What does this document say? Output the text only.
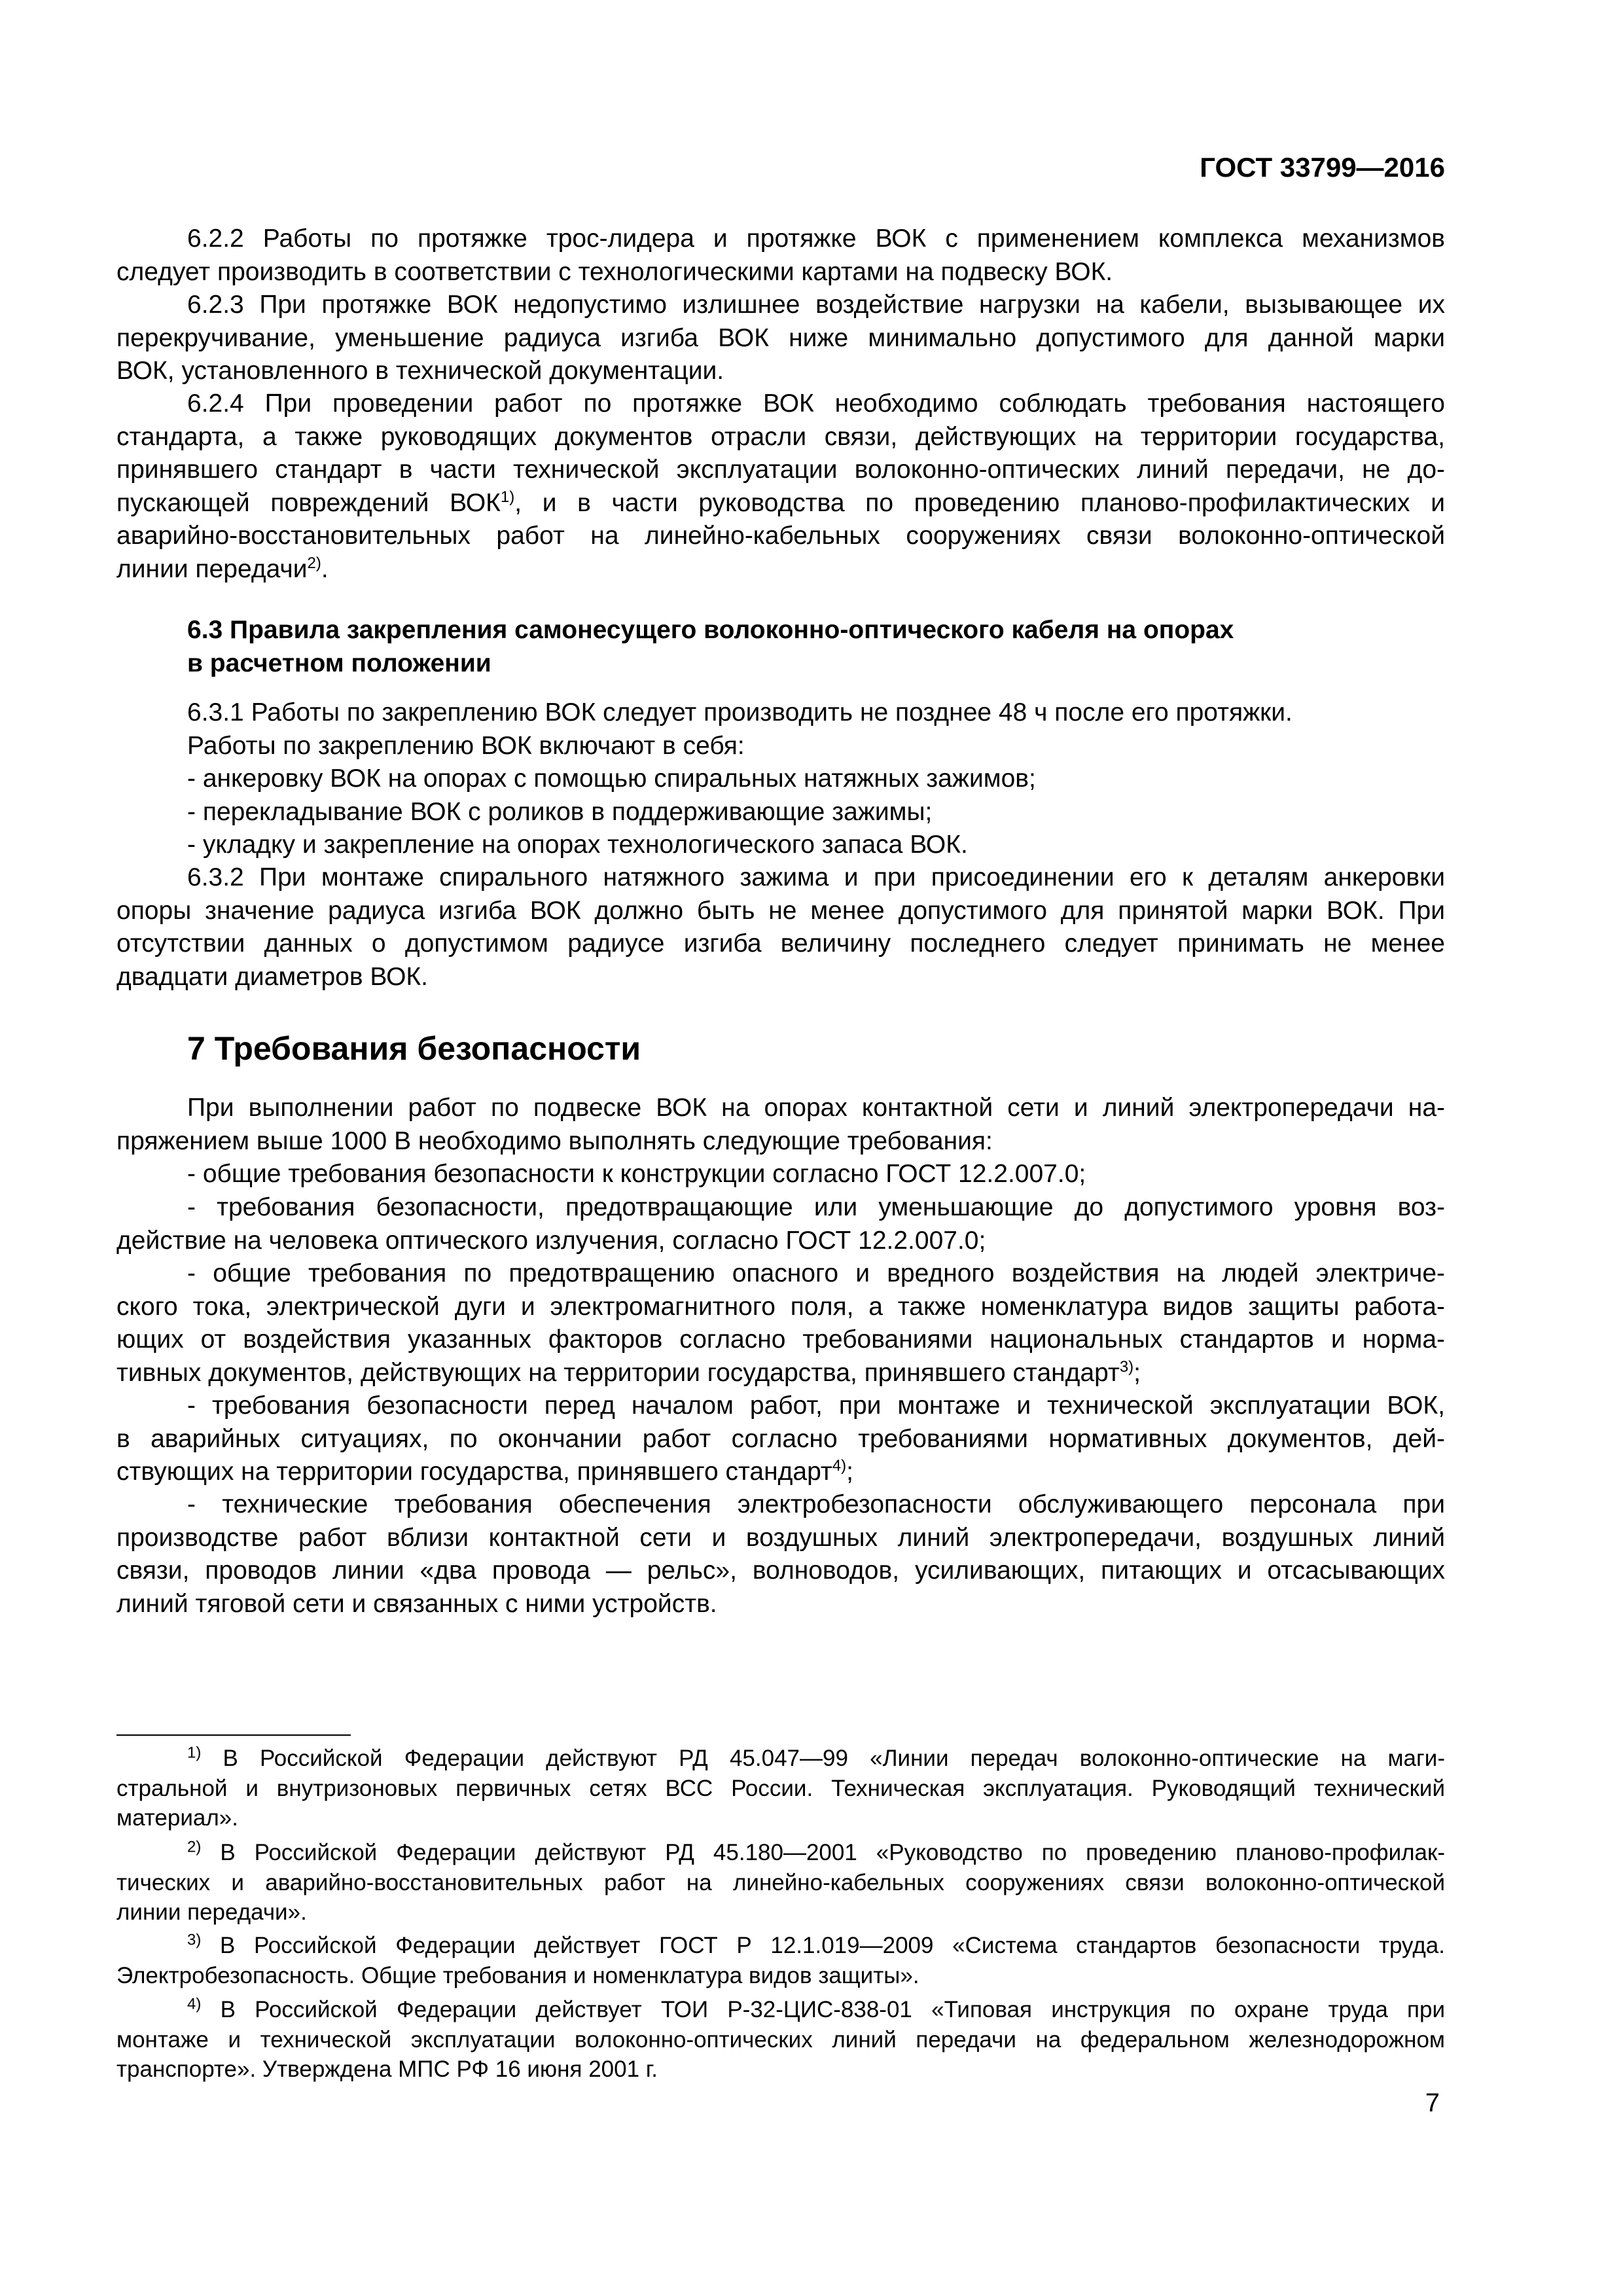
ГОСТ 33799—2016
6.2.2 Работы по протяжке трос-лидера и протяжке ВОК с применением комплекса механизмов
следует производить в соответствии с технологическими картами на подвеску ВОК.
6.2.3 При протяжке ВОК недопустимо излишнее воздействие нагрузки на кабели, вызывающее их
перекручивание, уменьшение радиуса изгиба ВОК ниже минимально допустимого для данной марки
ВОК, установленного в технической документации.
6.2.4 При проведении работ по протяжке ВОК необходимо соблюдать требования настоящего
стандарта, а также руководящих документов отрасли связи, действующих на территории государства,
принявшего стандарт в части технической эксплуатации волоконно-оптических линий передачи, не до-
пускающей повреждений ВОК$^{1)}$, и в части руководства по проведению планово-профилактических и
аварийно-восстановительных работ на линейно-кабельных сооружениях связи волоконно-оптической
линии передачи$^{2)}$.
6.3 Правила закрепления самонесущего волоконно-оптического кабеля на опорах
в расчетном положении
6.3.1 Работы по закреплению ВОК следует производить не позднее 48 ч после его протяжки.
Работы по закреплению ВОК включают в себя:
- анкеровку ВОК на опорах с помощью спиральных натяжных зажимов;
- перекладывание ВОК с роликов в поддерживающие зажимы;
- укладку и закрепление на опорах технологического запаса ВОК.
6.3.2 При монтаже спирального натяжного зажима и при присоединении его к деталям анкеровки
опоры значение радиуса изгиба ВОК должно быть не менее допустимого для принятой марки ВОК. При
отсутствии данных о допустимом радиусе изгиба величину последнего следует принимать не менее
двадцати диаметров ВОК.
7 Требования безопасности
При выполнении работ по подвеске ВОК на опорах контактной сети и линий электропередачи на-
пряжением выше 1000 В необходимо выполнять следующие требования:
- общие требования безопасности к конструкции согласно ГОСТ 12.2.007.0;
- требования безопасности, предотвращающие или уменьшающие до допустимого уровня воз-
действие на человека оптического излучения, согласно ГОСТ 12.2.007.0;
- общие требования по предотвращению опасного и вредного воздействия на людей электриче-
ского тока, электрической дуги и электромагнитного поля, а также номенклатура видов защиты работа-
ющих от воздействия указанных факторов согласно требованиями национальных стандартов и норма-
тивных документов, действующих на территории государства, принявшего стандарт$^{3)}$;
- требования безопасности перед началом работ, при монтаже и технической эксплуатации ВОК,
в аварийных ситуациях, по окончании работ согласно требованиями нормативных документов, дей-
ствующих на территории государства, принявшего стандарт$^{4)}$;
- технические требования обеспечения электробезопасности обслуживающего персонала при
производстве работ вблизи контактной сети и воздушных линий электропередачи, воздушных линий
связи, проводов линии «два провода — рельс», волноводов, усиливающих, питающих и отсасывающих
линий тяговой сети и связанных с ними устройств.
$^{1)}$ В Российской Федерации действуют РД 45.047—99 «Линии передач волоконно-оптические на маги-
стральной и внутризоновых первичных сетях ВСС России. Техническая эксплуатация. Руководящий технический
материал».
$^{2)}$ В Российской Федерации действуют РД 45.180—2001 «Руководство по проведению планово-профилак-
тических и аварийно-восстановительных работ на линейно-кабельных сооружениях связи волоконно-оптической
линии передачи».
$^{3)}$ В Российской Федерации действует ГОСТ Р 12.1.019—2009 «Система стандартов безопасности труда.
Электробезопасность. Общие требования и номенклатура видов защиты».
$^{4)}$ В Российской Федерации действует ТОИ Р-32-ЦИС-838-01 «Типовая инструкция по охране труда при
монтаже и технической эксплуатации волоконно-оптических линий передачи на федеральном железнодорожном
транспорте». Утверждена МПС РФ 16 июня 2001 г.
7
